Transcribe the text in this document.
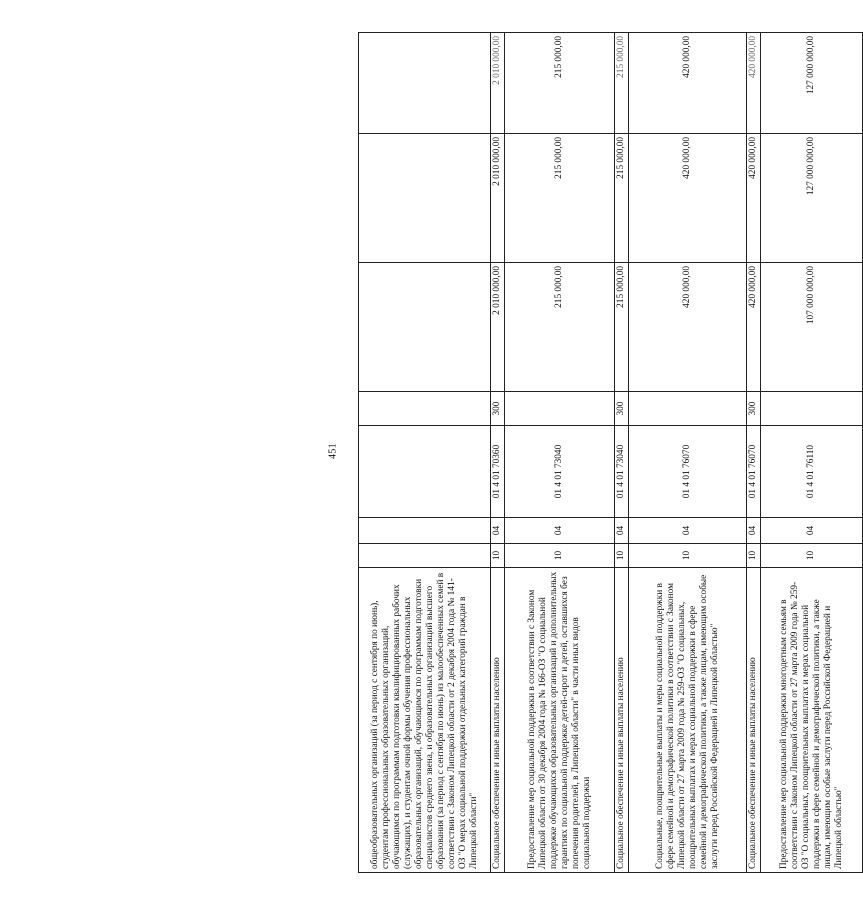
451
общеобразовательных организаций (за период с сентября по июнь), студентам профессиональных образовательных организаций, обучающимся по программам подготовки квалифицированных рабочих (служащих), и студентам очной формы обучения профессиональных образовательных организаций, обучающимся по программам подготовки специалистов среднего звена, и образовательных организаций высшего образования (за период с сентября по июнь) из малообеспеченных семей в соответствии с Законом Липецкой области от 2 декабря 2004 года № 141-ОЗ "О мерах социальной поддержки отдельных категорий граждан в Липецкой области"							
Социальное обеспечение и иные выплаты населению	10	04	01 4 01 70360	300	2 010 000,00	2 010 000,00	2 010 000,00
Предоставление мер социальной поддержки в соответствии с Законом Липецкой области от 30 декабря 2004 года № 166-ОЗ "О социальной поддержке обучающихся образовательных организаций и дополнительных гарантиях по социальной поддержке детей-сирот и детей, оставшихся без попечения родителей, в Липецкой области" в части иных видов социальной поддержки	10	04	01 4 01 73040		215 000,00	215 000,00	215 000,00
Социальное обеспечение и иные выплаты населению	10	04	01 4 01 73040	300	215 000,00	215 000,00	215 000,00
Социальные, поощрительные выплаты и меры социальной поддержки в сфере семейной и демографической политики в соответствии с Законом Липецкой области от 27 марта 2009 года № 259-ОЗ "О социальных, поощрительных выплатах и мерах социальной поддержки в сфере семейной и демографической политики, а также лицам, имеющим особые заслуги перед Российской Федерацией и Липецкой областью"	10	04	01 4 01 76070		420 000,00	420 000,00	420 000,00
Социальное обеспечение и иные выплаты населению	10	04	01 4 01 76070	300	420 000,00	420 000,00	420 000,00
Предоставление мер социальной поддержки многодетным семьям в соответствии с Законом Липецкой области от 27 марта 2009 года № 259-ОЗ "О социальных, поощрительных выплатах и мерах социальной поддержки в сфере семейной и демографической политики, а также лицам, имеющим особые заслуги перед Российской Федерацией и Липецкой областью"	10	04	01 4 01 76110		107 000 000,00	127 000 000,00	127 000 000,00
